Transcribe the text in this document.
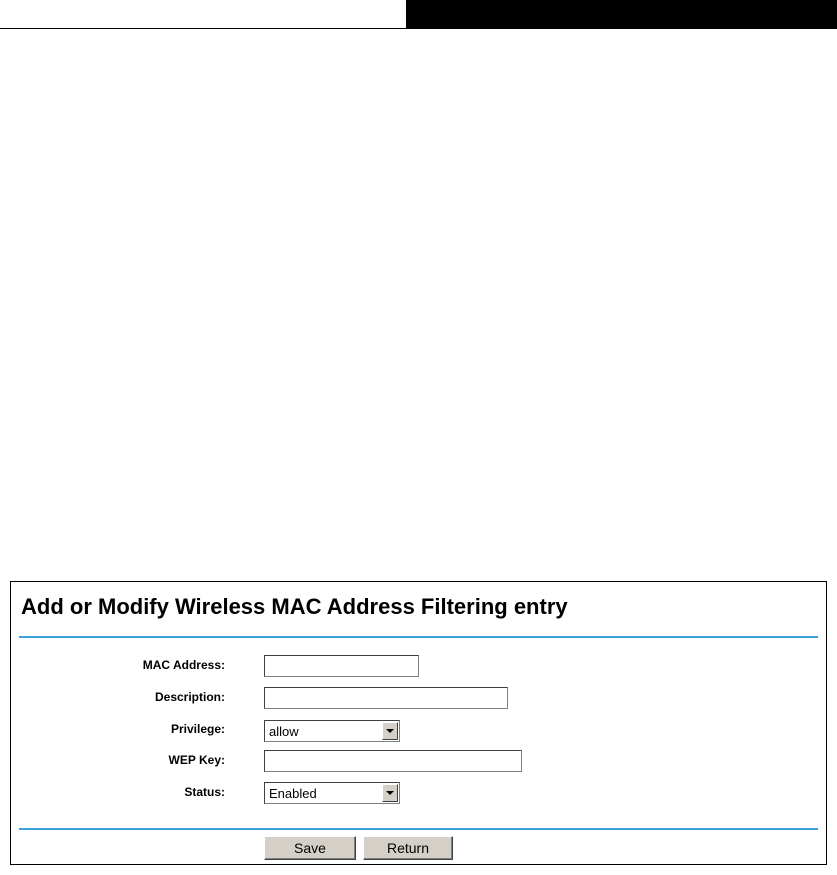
Add or Modify Wireless MAC Address Filtering entry
MAC Address:
Description:
Privilege:	allow
WEP Key:
Status:	Enabled
Save	Return
